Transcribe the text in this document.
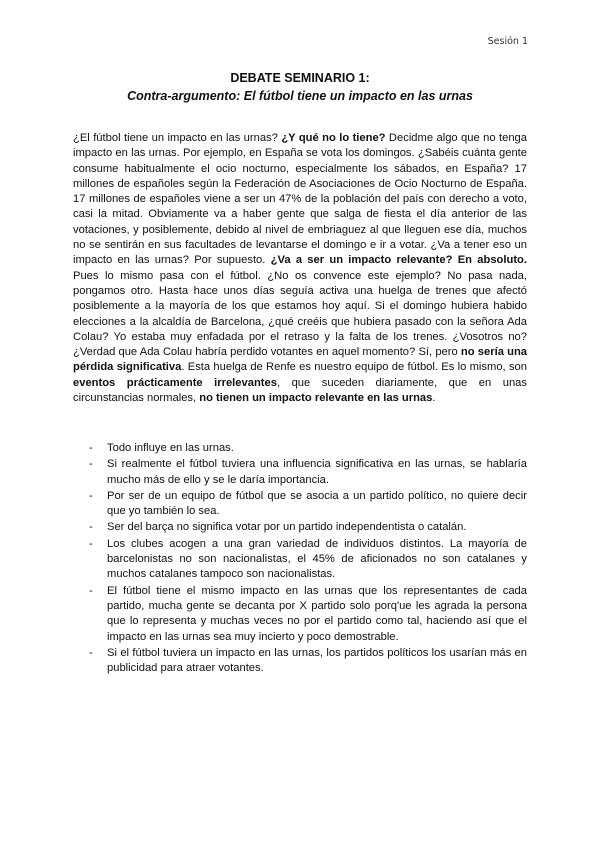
Sesión 1
DEBATE SEMINARIO 1:
Contra-argumento: El fútbol tiene un impacto en las urnas

¿El fútbol tiene un impacto en las urnas? ¿Y qué no lo tiene? Decidme algo que no tenga impacto en las urnas. Por ejemplo, en España se vota los domingos. ¿Sabéis cuánta gente consume habitualmente el ocio nocturno, especialmente los sábados, en España? 17 millones de españoles según la Federación de Asociaciones de Ocio Nocturno de España. 17 millones de españoles viene a ser un 47% de la población del país con derecho a voto, casi la mitad. Obviamente va a haber gente que salga de fiesta el día anterior de las votaciones, y posiblemente, debido al nivel de embriaguez al que lleguen ese día, muchos no se sentirán en sus facultades de levantarse el domingo e ir a votar. ¿Va a tener eso un impacto en las urnas? Por supuesto. ¿Va a ser un impacto relevante? En absoluto. Pues lo mismo pasa con el fútbol. ¿No os convence este ejemplo? No pasa nada, pongamos otro. Hasta hace unos días seguía activa una huelga de trenes que afectó posiblemente a la mayoría de los que estamos hoy aquí. Si el domingo hubiera habido elecciones a la alcaldía de Barcelona, ¿qué creéis que hubiera pasado con la señora Ada Colau? Yo estaba muy enfadada por el retraso y la falta de los trenes. ¿Vosotros no? ¿Verdad que Ada Colau habría perdido votantes en aquel momento? Sí, pero no sería una pérdida significativa. Esta huelga de Renfe es nuestro equipo de fútbol. Es lo mismo, son eventos prácticamente irrelevantes, que suceden diariamente, que en unas circunstancias normales, no tienen un impacto relevante en las urnas.

- Todo influye en las urnas.
- Si realmente el fútbol tuviera una influencia significativa en las urnas, se hablaría mucho más de ello y se le daría importancia.
- Por ser de un equipo de fútbol que se asocia a un partido político, no quiere decir que yo también lo sea.
- Ser del barça no significa votar por un partido independentista o catalán.
- Los clubes acogen a una gran variedad de individuos distintos. La mayoría de barcelonistas no son nacionalistas, el 45% de aficionados no son catalanes y muchos catalanes tampoco son nacionalistas.
- El fútbol tiene el mismo impacto en las urnas que los representantes de cada partido, mucha gente se decanta por X partido solo porq'ue les agrada la persona que lo representa y muchas veces no por el partido como tal, haciendo así que el impacto en las urnas sea muy incierto y poco demostrable.
- Si el fútbol tuviera un impacto en las urnas, los partidos políticos los usarían más en publicidad para atraer votantes.
